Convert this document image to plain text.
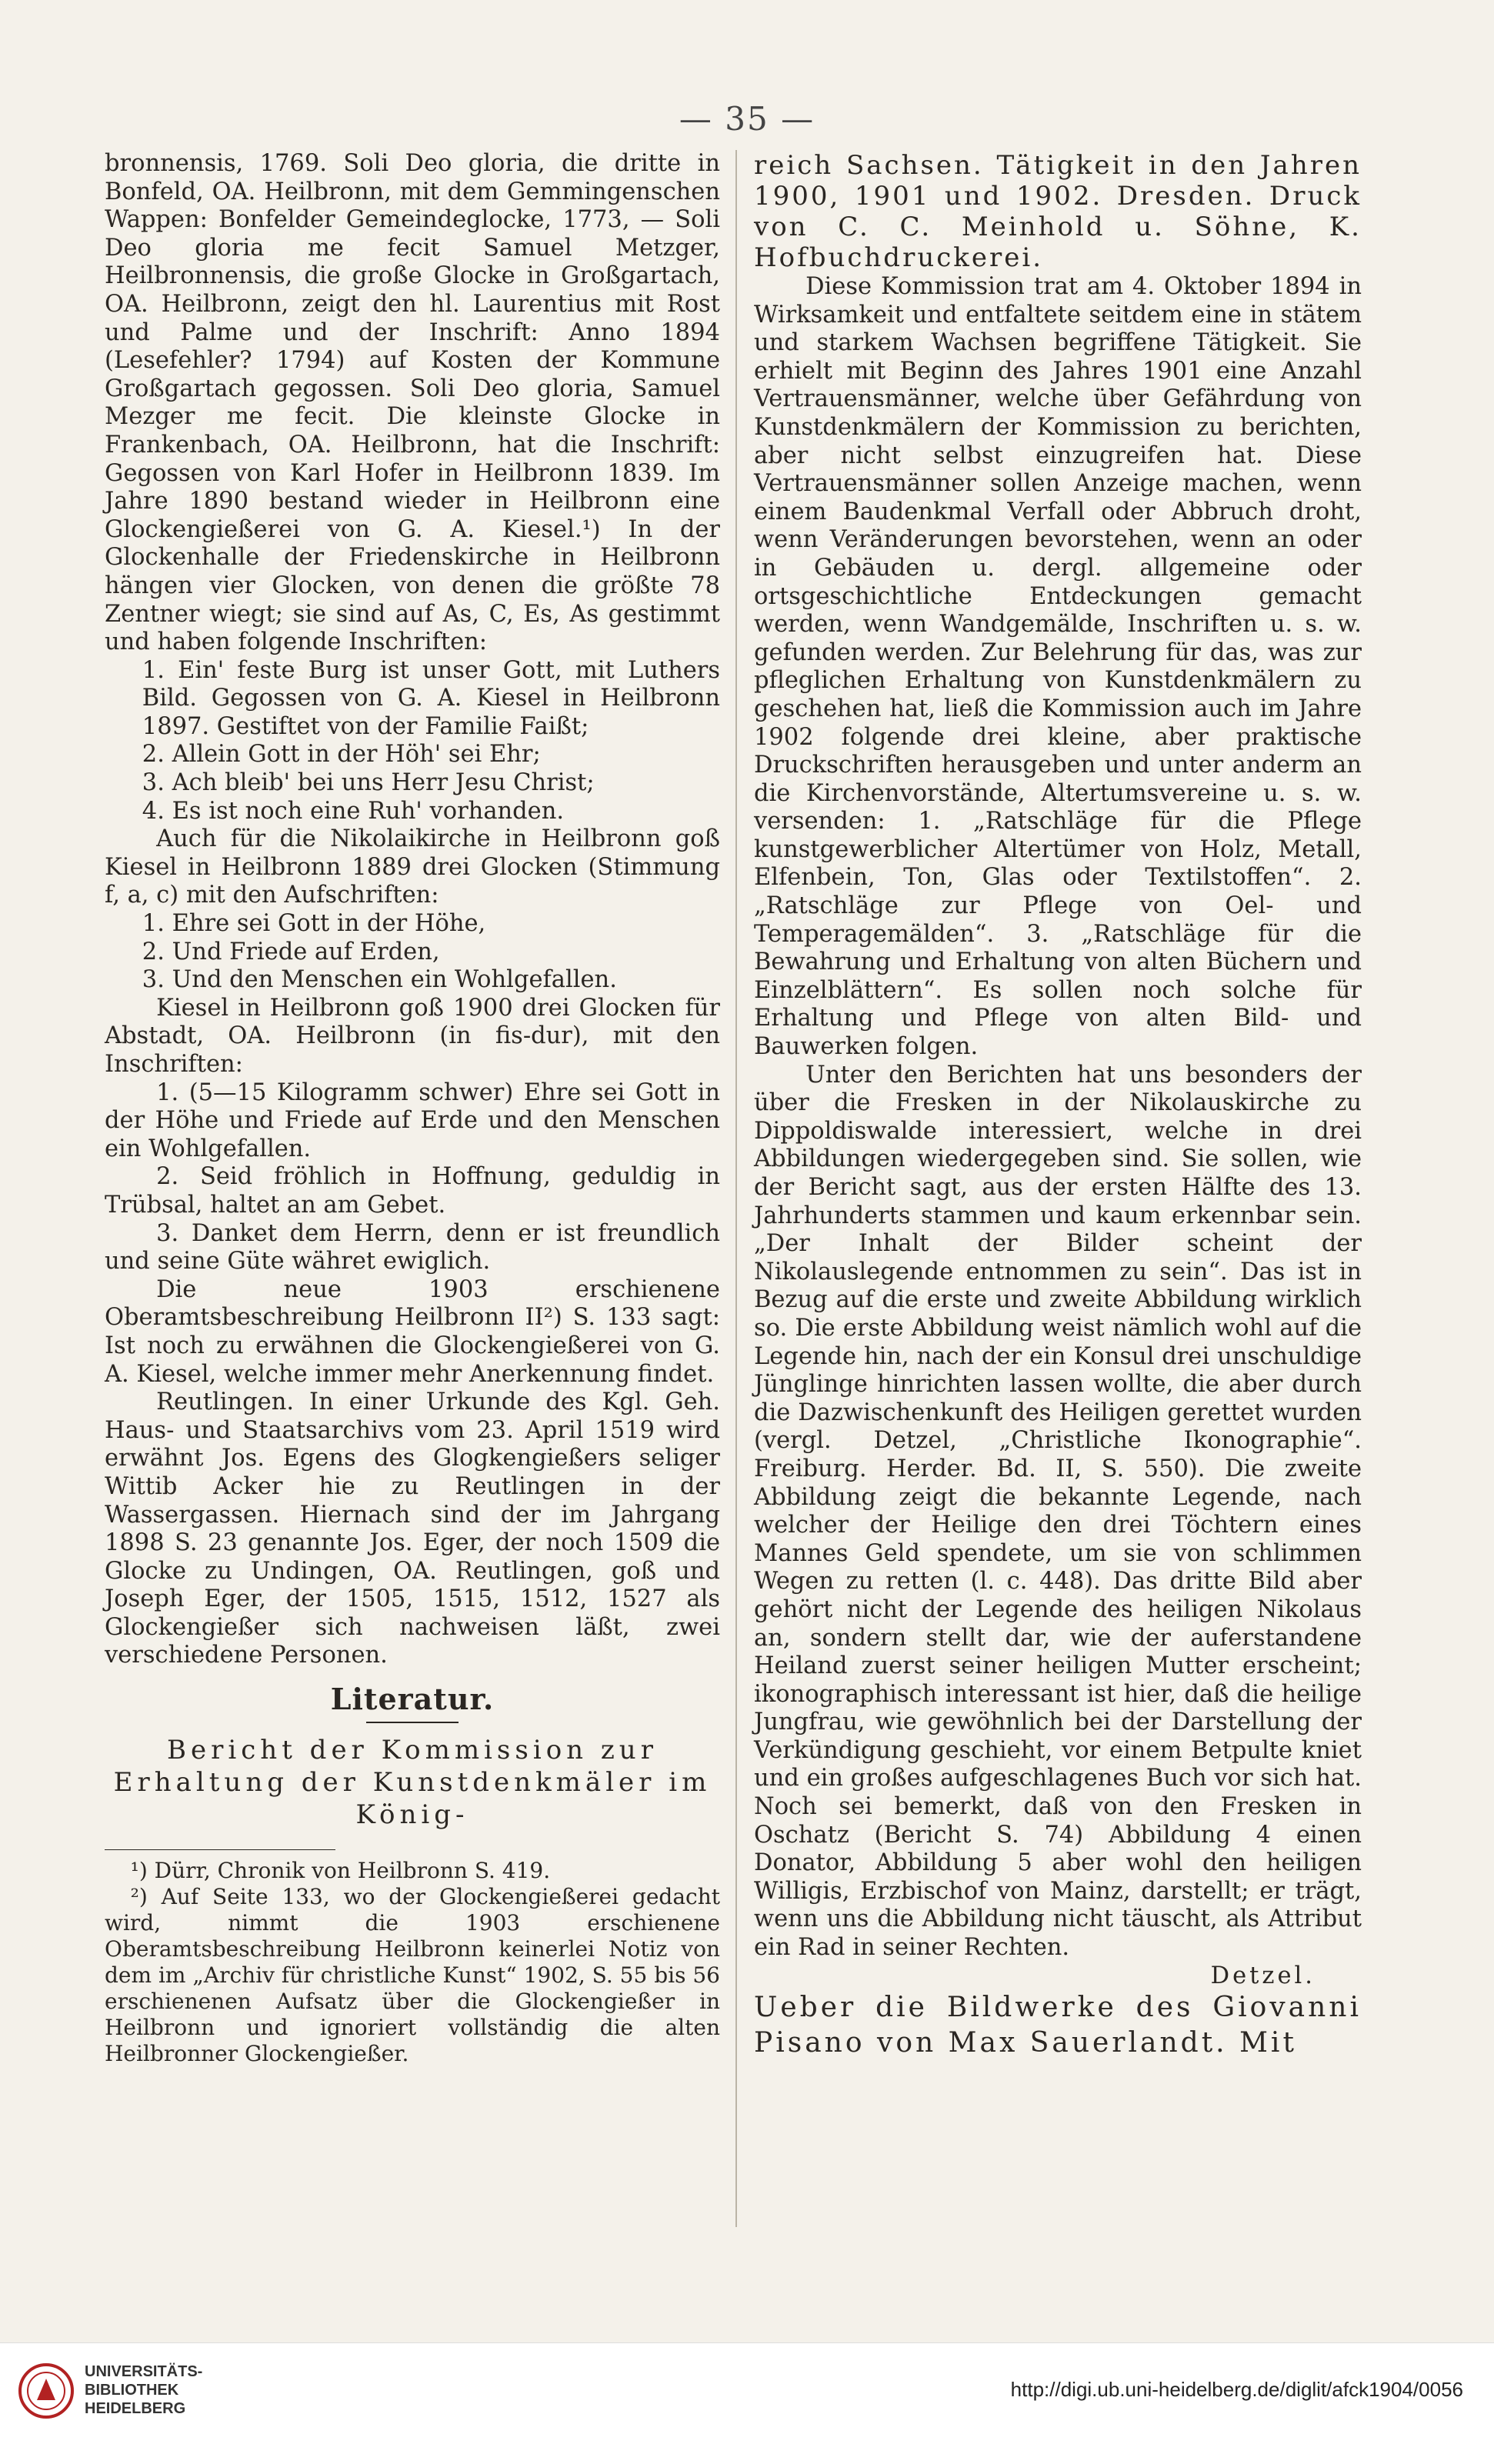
— 35 —

bronnensis, 1769. Soli Deo gloria, die dritte in Bonfeld, OA. Heilbronn, mit dem Gemmingenschen Wappen: Bonfelder Gemeindeglocke, 1773, — Soli Deo gloria me fecit Samuel Metzger, Heilbronnensis, die große Glocke in Großgartach, OA. Heilbronn, zeigt den hl. Laurentius mit Rost und Palme und der Inschrift: Anno 1894 (Lesefehler? 1794) auf Kosten der Kommune Großgartach gegossen. Soli Deo gloria, Samuel Mezger me fecit. Die kleinste Glocke in Frankenbach, OA. Heilbronn, hat die Inschrift: Gegossen von Karl Hofer in Heilbronn 1839. Im Jahre 1890 bestand wieder in Heilbronn eine Glockengießerei von G. A. Kiesel.¹) In der Glockenhalle der Friedenskirche in Heilbronn hängen vier Glocken, von denen die größte 78 Zentner wiegt; sie sind auf As, C, Es, As gestimmt und haben folgende Inschriften:

1. Ein' feste Burg ist unser Gott, mit Luthers Bild. Gegossen von G. A. Kiesel in Heilbronn 1897. Gestiftet von der Familie Faißt;

2. Allein Gott in der Höh' sei Ehr;

3. Ach bleib' bei uns Herr Jesu Christ;

4. Es ist noch eine Ruh' vorhanden.

Auch für die Nikolaikirche in Heilbronn goß Kiesel in Heilbronn 1889 drei Glocken (Stimmung f, a, c) mit den Aufschriften:

1. Ehre sei Gott in der Höhe,

2. Und Friede auf Erden,

3. Und den Menschen ein Wohlgefallen.

Kiesel in Heilbronn goß 1900 drei Glocken für Abstadt, OA. Heilbronn (in fis-dur), mit den Inschriften:

1. (5—15 Kilogramm schwer) Ehre sei Gott in der Höhe und Friede auf Erde und den Menschen ein Wohlgefallen.

2. Seid fröhlich in Hoffnung, geduldig in Trübsal, haltet an am Gebet.

3. Danket dem Herrn, denn er ist freundlich und seine Güte währet ewiglich.

Die neue 1903 erschienene Oberamtsbeschreibung Heilbronn II²) S. 133 sagt: Ist noch zu erwähnen die Glockengießerei von G. A. Kiesel, welche immer mehr Anerkennung findet.

Reutlingen. In einer Urkunde des Kgl. Geh. Haus- und Staatsarchivs vom 23. April 1519 wird erwähnt Jos. Egens des Glogkengießers seliger Wittib Acker hie zu Reutlingen in der Wassergassen. Hiernach sind der im Jahrgang 1898 S. 23 genannte Jos. Eger, der noch 1509 die Glocke zu Undingen, OA. Reutlingen, goß und Joseph Eger, der 1505, 1515, 1512, 1527 als Glockengießer sich nachweisen läßt, zwei verschiedene Personen.

Literatur.
Bericht der Kommission zur Erhaltung der Kunstdenkmäler im König-

¹) Dürr, Chronik von Heilbronn S. 419.

²) Auf Seite 133, wo der Glockengießerei gedacht wird, nimmt die 1903 erschienene Oberamtsbeschreibung Heilbronn keinerlei Notiz von dem im „Archiv für christliche Kunst“ 1902, S. 55 bis 56 erschienenen Aufsatz über die Glockengießer in Heilbronn und ignoriert vollständig die alten Heilbronner Glockengießer.

reich Sachsen. Tätigkeit in den Jahren 1900, 1901 und 1902. Dresden. Druck von C. C. Meinhold u. Söhne, K. Hofbuchdruckerei.

Diese Kommission trat am 4. Oktober 1894 in Wirksamkeit und entfaltete seitdem eine in stätem und starkem Wachsen begriffene Tätigkeit. Sie erhielt mit Beginn des Jahres 1901 eine Anzahl Vertrauensmänner, welche über Gefährdung von Kunstdenkmälern der Kommission zu berichten, aber nicht selbst einzugreifen hat. Diese Vertrauensmänner sollen Anzeige machen, wenn einem Baudenkmal Verfall oder Abbruch droht, wenn Veränderungen bevorstehen, wenn an oder in Gebäuden u. dergl. allgemeine oder ortsgeschichtliche Entdeckungen gemacht werden, wenn Wandgemälde, Inschriften u. s. w. gefunden werden. Zur Belehrung für das, was zur pfleglichen Erhaltung von Kunstdenkmälern zu geschehen hat, ließ die Kommission auch im Jahre 1902 folgende drei kleine, aber praktische Druckschriften herausgeben und unter anderm an die Kirchenvorstände, Altertumsvereine u. s. w. versenden: 1. „Ratschläge für die Pflege kunstgewerblicher Altertümer von Holz, Metall, Elfenbein, Ton, Glas oder Textilstoffen“. 2. „Ratschläge zur Pflege von Oel- und Temperagemälden“. 3. „Ratschläge für die Bewahrung und Erhaltung von alten Büchern und Einzelblättern“. Es sollen noch solche für Erhaltung und Pflege von alten Bild- und Bauwerken folgen.

Unter den Berichten hat uns besonders der über die Fresken in der Nikolauskirche zu Dippoldiswalde interessiert, welche in drei Abbildungen wiedergegeben sind. Sie sollen, wie der Bericht sagt, aus der ersten Hälfte des 13. Jahrhunderts stammen und kaum erkennbar sein. „Der Inhalt der Bilder scheint der Nikolauslegende entnommen zu sein“. Das ist in Bezug auf die erste und zweite Abbildung wirklich so. Die erste Abbildung weist nämlich wohl auf die Legende hin, nach der ein Konsul drei unschuldige Jünglinge hinrichten lassen wollte, die aber durch die Dazwischenkunft des Heiligen gerettet wurden (vergl. Detzel, „Christliche Ikonographie“. Freiburg. Herder. Bd. II, S. 550). Die zweite Abbildung zeigt die bekannte Legende, nach welcher der Heilige den drei Töchtern eines Mannes Geld spendete, um sie von schlimmen Wegen zu retten (l. c. 448). Das dritte Bild aber gehört nicht der Legende des heiligen Nikolaus an, sondern stellt dar, wie der auferstandene Heiland zuerst seiner heiligen Mutter erscheint; ikonographisch interessant ist hier, daß die heilige Jungfrau, wie gewöhnlich bei der Darstellung der Verkündigung geschieht, vor einem Betpulte kniet und ein großes aufgeschlagenes Buch vor sich hat. Noch sei bemerkt, daß von den Fresken in Oschatz (Bericht S. 74) Abbildung 4 einen Donator, Abbildung 5 aber wohl den heiligen Willigis, Erzbischof von Mainz, darstellt; er trägt, wenn uns die Abbildung nicht täuscht, als Attribut ein Rad in seiner Rechten.

Detzel.

Ueber die Bildwerke des Giovanni Pisano von Max Sauerlandt. Mit

UNIVERSITÄTS-
BIBLIOTHEK
HEIDELBERG
http://digi.ub.uni-heidelberg.de/diglit/afck1904/0056
